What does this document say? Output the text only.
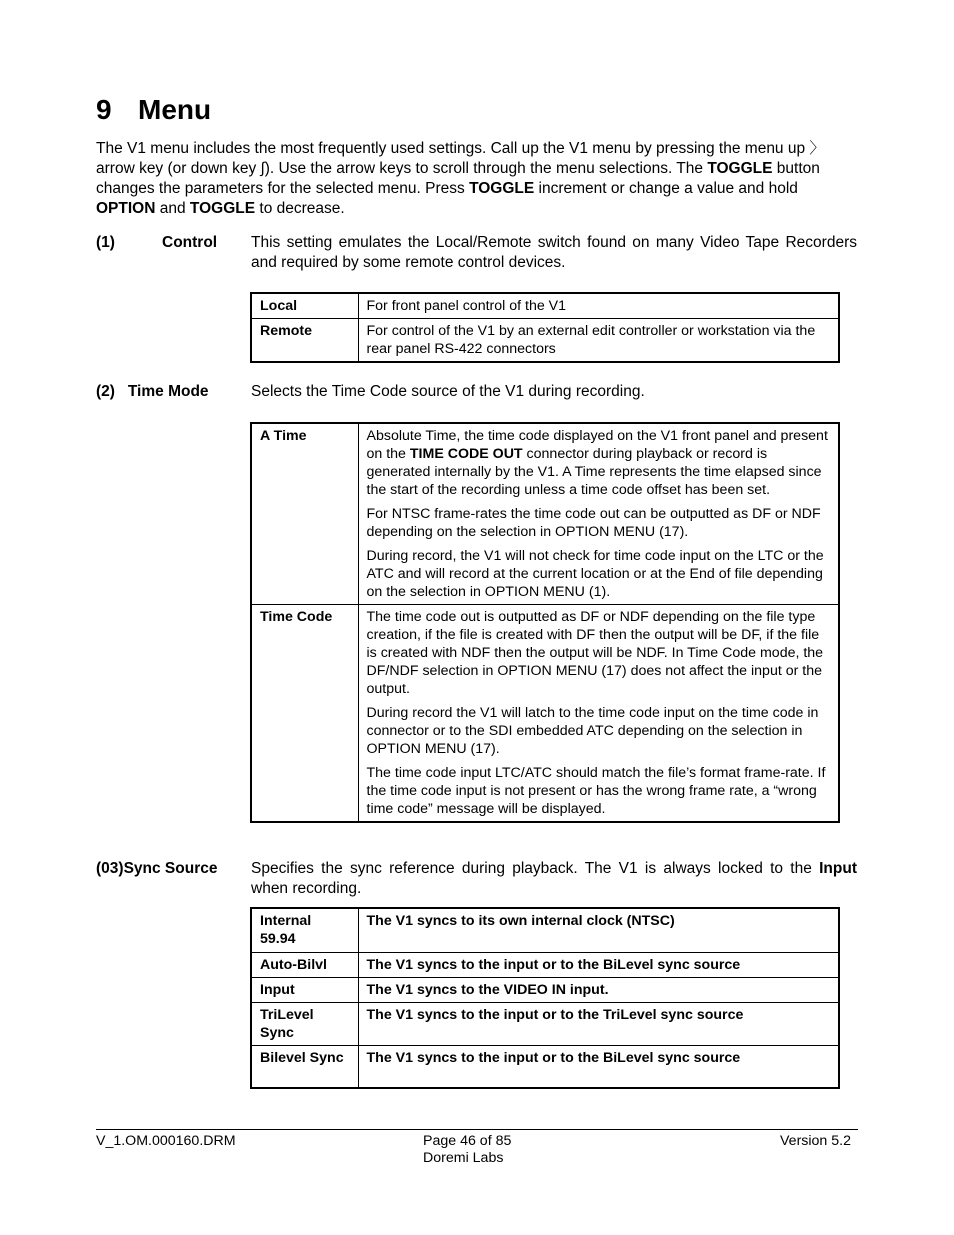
9 Menu

The V1 menu includes the most frequently used settings. Call up the V1 menu by pressing the menu up 〉 arrow key (or down key ∫). Use the arrow keys to scroll through the menu selections. The TOGGLE button changes the parameters for the selected menu. Press TOGGLE increment or change a value and hold OPTION and TOGGLE to decrease.

(1)	Control This setting emulates the Local/Remote switch found on many Video Tape Recorders and required by some remote control devices.

Local	For front panel control of the V1
Remote	For control of the V1 by an external edit controller or workstation via the rear panel RS-422 connectors
(2)   Time Mode	Selects the Time Code source of the V1 during recording.

A Time	Absolute Time, the time code displayed on the V1 front panel and present on the TIME CODE OUT connector during playback or record is generated internally by the V1. A Time represents the time elapsed since the start of the recording unless a time code offset has been set.

For NTSC frame-rates the time code out can be outputted as DF or NDF depending on the selection in OPTION MENU (17).

During record, the V1 will not check for time code input on the LTC or the ATC and will record at the current location or at the End of file depending on the selection in OPTION MENU (1).

Time Code	The time code out is outputted as DF or NDF depending on the file type creation, if the file is created with DF then the output will be DF, if the file is created with NDF then the output will be NDF. In Time Code mode, the DF/NDF selection in OPTION MENU (17) does not affect the input or the output.

During record the V1 will latch to the time code input on the time code in connector or to the SDI embedded ATC depending on the selection in OPTION MENU (17).

The time code input LTC/ATC should match the file’s format frame-rate. If the time code input is not present or has the wrong frame rate, a “wrong time code” message will be displayed.

(03)Sync Source Specifies the sync reference during playback. The V1 is always locked to the Input when recording.

Internal 59.94	The V1 syncs to its own internal clock (NTSC)
Auto-Bilvl	The V1 syncs to the input or to the BiLevel sync source
Input	The V1 syncs to the VIDEO IN input.
TriLevel Sync	The V1 syncs to the input or to the TriLevel sync source
Bilevel Sync	The V1 syncs to the input or to the BiLevel sync source
V_1.OM.000160.DRM	Page 46 of 85
Doremi Labs
Version 5.2
